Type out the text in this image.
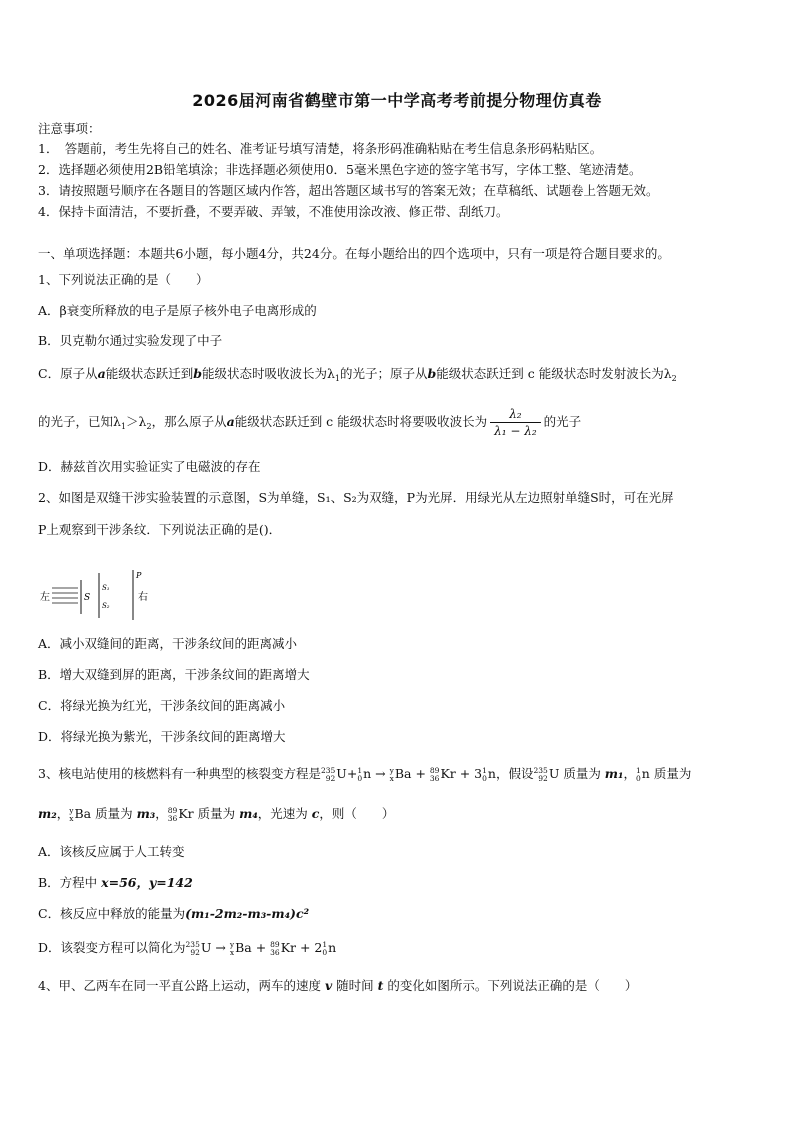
2026届河南省鹤壁市第一中学高考考前提分物理仿真卷
注意事项：
1．　答题前，考生先将自己的姓名、准考证号填写清楚，将条形码准确粘贴在考生信息条形码粘贴区。
2．选择题必须使用2B铅笔填涂；非选择题必须使用0．5毫米黑色字迹的签字笔书写，字体工整、笔迹清楚。
3．请按照题号顺序在各题目的答题区域内作答，超出答题区域书写的答案无效；在草稿纸、试题卷上答题无效。
4．保持卡面清洁，不要折叠，不要弄破、弄皱，不准使用涂改液、修正带、刮纸刀。
一、单项选择题：本题共6小题，每小题4分，共24分。在每小题给出的四个选项中，只有一项是符合题目要求的。
1、下列说法正确的是（　　）
A．β衰变所释放的电子是原子核外电子电离形成的
B．贝克勒尔通过实验发现了中子
C．原子从a能级状态跃迁到b能级状态时吸收波长为$\lambda_1$的光子；原子从b能级状态跃迁到 c 能级状态时发射波长为$\lambda_2$
的光子，已知$\lambda_1>\lambda_2$，那么原子从a能级状态跃迁到 c 能级状态时将要吸收波长为 $\frac{\text{λ₂}}{\text{λ₁ − λ₂}}$ 的光子
D．赫兹首次用实验证实了电磁波的存在
2、如图是双缝干涉实验装置的示意图，S为单缝，S₁、S₂为双缝，P为光屏．用绿光从左边照射单缝S时，可在光屏
P上观察到干涉条纹．下列说法正确的是()．
左	S
S₁
S₂
P
右
A．减小双缝间的距离，干涉条纹间的距离减小
B．增大双缝到屏的距离，干涉条纹间的距离增大
C．将绿光换为红光，干涉条纹间的距离减小
D．将绿光换为紫光，干涉条纹间的距离增大
3、核电站使用的核燃料有一种典型的核裂变方程是 235
92 U+ 1
0 n → y
x Ba + 89
36 Kr + 3 1
0 n，假设 235
92 U 质量为 m₁， 1
0 n 质量为
m₂， y
x Ba 质量为 m₃， 89
36 Kr 质量为 m₄，光速为 c，则（　　）
A．该核反应属于人工转变
B．方程中 x=56，y=142
C．核反应中释放的能量为(m₁-2m₂-m₃-m₄)c²
D．该裂变方程可以简化为 235
92 U → y
x Ba + 89
36 Kr + 2 1
0 n
4、甲、乙两车在同一平直公路上运动，两车的速度 v 随时间 t 的变化如图所示。下列说法正确的是（　　）
